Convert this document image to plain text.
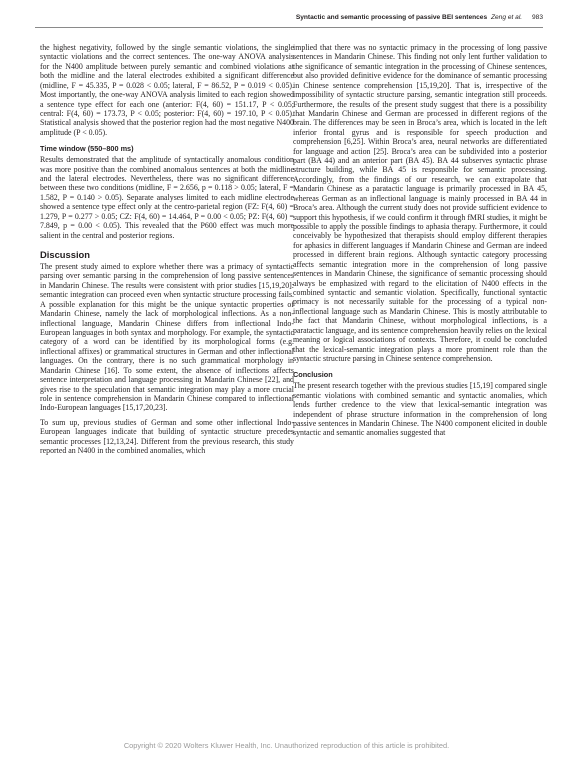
Syntactic and semantic processing of passive BEI sentences Zeng et al. 983

the highest negativity, followed by the single semantic violations, the single syntactic violations and the correct sentences. The one-way ANOVA analysis for the N400 amplitude between purely semantic and combined violations at both the midline and the lateral electrodes exhibited a significant difference (midline, F = 45.335, P = 0.028 < 0.05; lateral, F = 86.52, P = 0.019 < 0.05). Most importantly, the one-way ANOVA analysis limited to each region showed a sentence type effect for each one (anterior: F(4, 60) = 151.17, P < 0.05; central: F(4, 60) = 173.73, P < 0.05; posterior: F(4, 60) = 197.10, P < 0.05). Statistical analysis showed that the posterior region had the most negative N400 amplitude (P < 0.05).

Time window (550–800 ms)

Results demonstrated that the amplitude of syntactically anomalous condition was more positive than the combined anomalous sentences at both the midline and the lateral electrodes. Nevertheless, there was no significant difference between these two conditions (midline, F = 2.656, p = 0.118 > 0.05; lateral, F = 1.582, P = 0.140 > 0.05). Separate analyses limited to each midline electrode showed a sentence type effect only at the centro-parietal region (FZ: F(4, 60) = 1.279, P = 0.277 > 0.05; CZ: F(4, 60) = 14.464, P = 0.00 < 0.05; PZ: F(4, 60) = 7.849, p = 0.00 < 0.05). This revealed that the P600 effect was much more salient in the central and posterior regions.

Discussion

The present study aimed to explore whether there was a primacy of syntactic parsing over semantic parsing in the comprehension of long passive sentences in Mandarin Chinese. The results were consistent with prior studies [15,19,20]: semantic integration can proceed even when syntactic structure processing fails. A possible explanation for this might be the unique syntactic properties of Mandarin Chinese, namely the lack of morphological inflections. As a non-inflectional language, Mandarin Chinese differs from inflectional Indo-European languages in both syntax and morphology. For example, the syntactic category of a word can be identified by its morphological forms (e.g. inflectional affixes) or grammatical structures in German and other inflectional languages. On the contrary, there is no such grammatical morphology in Mandarin Chinese [16]. To some extent, the absence of inflections affects sentence interpretation and language processing in Mandarin Chinese [22], and gives rise to the speculation that semantic integration may play a more crucial role in sentence comprehension in Mandarin Chinese compared to inflectional Indo-European languages [15,17,20,23].

To sum up, previous studies of German and some other inflectional Indo-European languages indicate that building of syntactic structure precedes semantic processes [12,13,24]. Different from the previous research, this study reported an N400 in the combined anomalies, which

implied that there was no syntactic primacy in the processing of long passive sentences in Mandarin Chinese. This finding not only lent further validation to the significance of semantic integration in the processing of Chinese sentences, but also provided definitive evidence for the dominance of semantic processing in Chinese sentence comprehension [15,19,20]. That is, irrespective of the impossibility of syntactic structure parsing, semantic integration still proceeds. Furthermore, the results of the present study suggest that there is a possibility that Mandarin Chinese and German are processed in different regions of the brain. The differences may be seen in Broca’s area, which is located in the left inferior frontal gyrus and is responsible for speech production and comprehension [6,25]. Within Broca’s area, neural networks are differentiated for language and action [25]. Broca’s area can be subdivided into a posterior part (BA 44) and an anterior part (BA 45). BA 44 subserves syntactic phrase structure building, while BA 45 is responsible for semantic processing. Accordingly, from the findings of our research, we can extrapolate that Mandarin Chinese as a paratactic language is primarily processed in BA 45, whereas German as an inflectional language is mainly processed in BA 44 in Broca’s area. Although the current study does not provide sufficient evidence to support this hypothesis, if we could confirm it through fMRI studies, it might be possible to apply the possible findings to aphasia therapy. Furthermore, it could conceivably be hypothesized that therapists should employ different therapies for aphasics in different languages if Mandarin Chinese and German are indeed processed in different brain regions. Although syntactic category processing affects semantic integration more in the comprehension of long passive sentences in Mandarin Chinese, the significance of semantic processing should always be emphasized with regard to the elicitation of N400 effects in the combined syntactic and semantic violation. Specifically, functional syntactic primacy is not necessarily suitable for the processing of a typical non-inflectional language such as Mandarin Chinese. This is mostly attributable to the fact that Mandarin Chinese, without morphological inflections, is a paratactic language, and its sentence comprehension heavily relies on the lexical meaning or logical associations of contexts. Therefore, it could be concluded that the lexical-semantic integration plays a more prominent role than the syntactic structure parsing in Chinese sentence comprehension.

Conclusion

The present research together with the previous studies [15,19] compared single semantic violations with combined semantic and syntactic anomalies, which lends further credence to the view that lexical-semantic integration was independent of phrase structure information in the comprehension of long passive sentences in Mandarin Chinese. The N400 component elicited in double syntactic and semantic anomalies suggested that

Copyright © 2020 Wolters Kluwer Health, Inc. Unauthorized reproduction of this article is prohibited.
